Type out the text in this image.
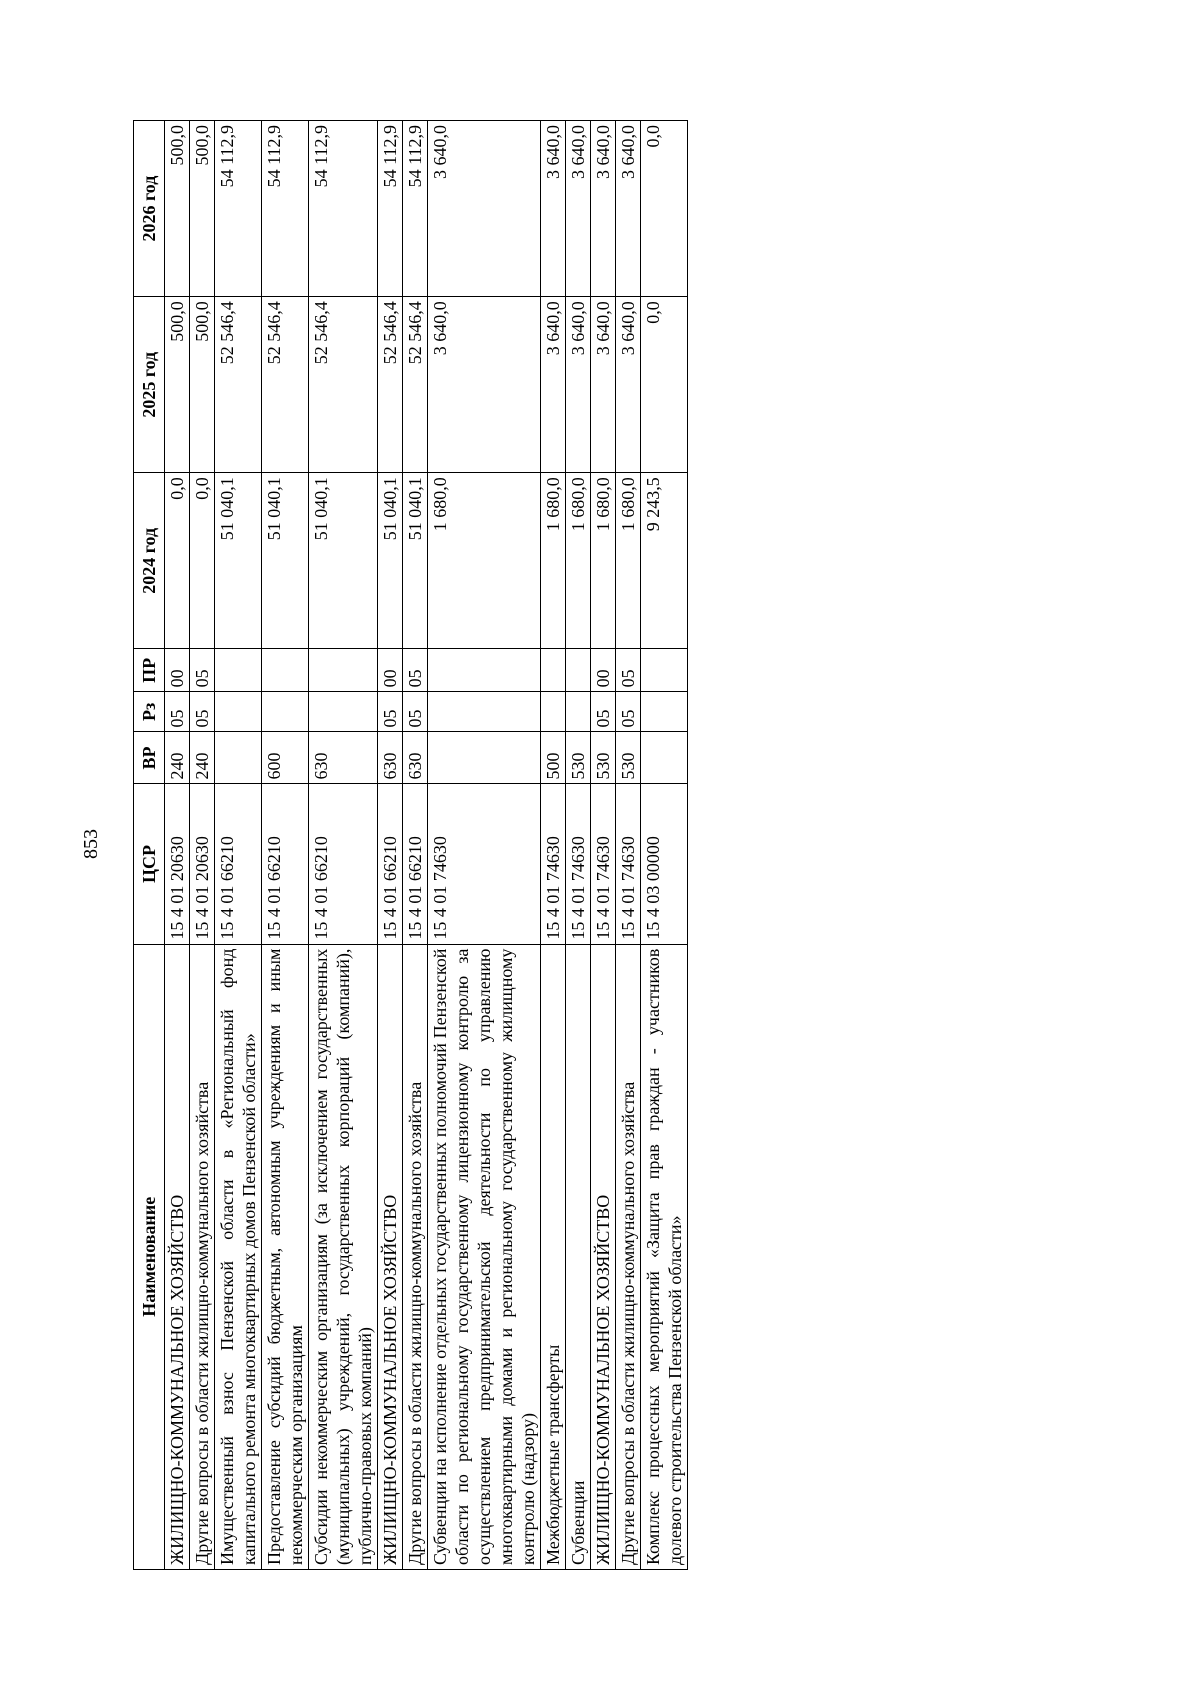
853
Наименование	ЦСР	ВР	Рз	ПР	2024 год	2025 год	2026 год
ЖИЛИЩНО-КОММУНАЛЬНОЕ ХОЗЯЙСТВО	15 4 01 20630	240	05	00	0,0	500,0	500,0
Другие вопросы в области жилищно-коммунального хозяйства	15 4 01 20630	240	05	05	0,0	500,0	500,0
Имущественный взнос Пензенской области в «Региональный фонд капитального ремонта многоквартирных домов Пензенской области»	15 4 01 66210				51 040,1	52 546,4	54 112,9
Предоставление субсидий бюджетным, автономным учреждениям и иным некоммерческим организациям	15 4 01 66210	600			51 040,1	52 546,4	54 112,9
Субсидии некоммерческим организациям (за исключением государственных (муниципальных) учреждений, государственных корпораций (компаний), публично-правовых компаний)	15 4 01 66210	630			51 040,1	52 546,4	54 112,9
ЖИЛИЩНО-КОММУНАЛЬНОЕ ХОЗЯЙСТВО	15 4 01 66210	630	05	00	51 040,1	52 546,4	54 112,9
Другие вопросы в области жилищно-коммунального хозяйства	15 4 01 66210	630	05	05	51 040,1	52 546,4	54 112,9
Субвенции на исполнение отдельных государственных полномочий Пензенской области по региональному государственному лицензионному контролю за осуществлением предпринимательской деятельности по управлению многоквартирными домами и региональному государственному жилищному контролю (надзору)	15 4 01 74630				1 680,0	3 640,0	3 640,0
Межбюджетные трансферты	15 4 01 74630	500			1 680,0	3 640,0	3 640,0
Субвенции	15 4 01 74630	530			1 680,0	3 640,0	3 640,0
ЖИЛИЩНО-КОММУНАЛЬНОЕ ХОЗЯЙСТВО	15 4 01 74630	530	05	00	1 680,0	3 640,0	3 640,0
Другие вопросы в области жилищно-коммунального хозяйства	15 4 01 74630	530	05	05	1 680,0	3 640,0	3 640,0
Комплекс процессных мероприятий «Защита прав граждан - участников долевого строительства Пензенской области»	15 4 03 00000				9 243,5	0,0	0,0
